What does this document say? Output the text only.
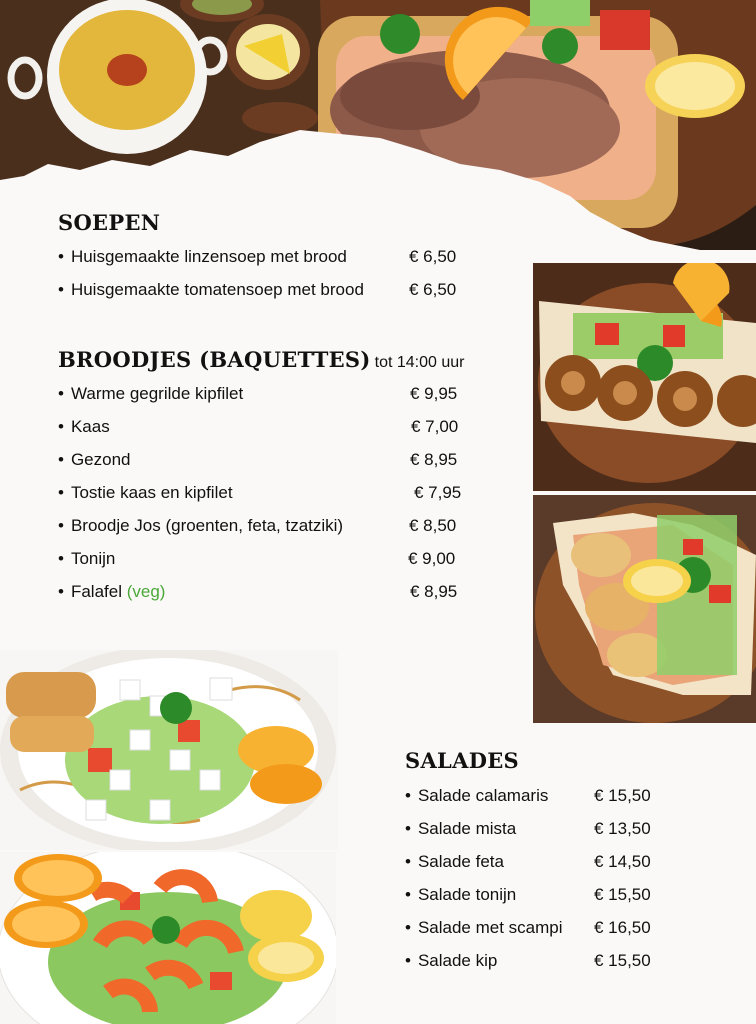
SOEPEN
• Huisgemaakte linzensoep met brood	€ 6,50
• Huisgemaakte tomatensoep met brood	€ 6,50
BROODJES (BAQUETTES) tot 14:00 uur
• Warme gegrilde kipfilet	€ 9,95
• Kaas	€ 7,00
• Gezond	€ 8,95
• Tostie kaas en kipfilet	€ 7,95
• Broodje Jos (groenten, feta, tzatziki)	€ 8,50
• Tonijn	€ 9,00
• Falafel (veg)	€ 8,95
SALADES
• Salade calamaris	€ 15,50
• Salade mista	€ 13,50
• Salade feta	€ 14,50
• Salade tonijn	€ 15,50
• Salade met scampi € 16,50
• Salade kip	€ 15,50
